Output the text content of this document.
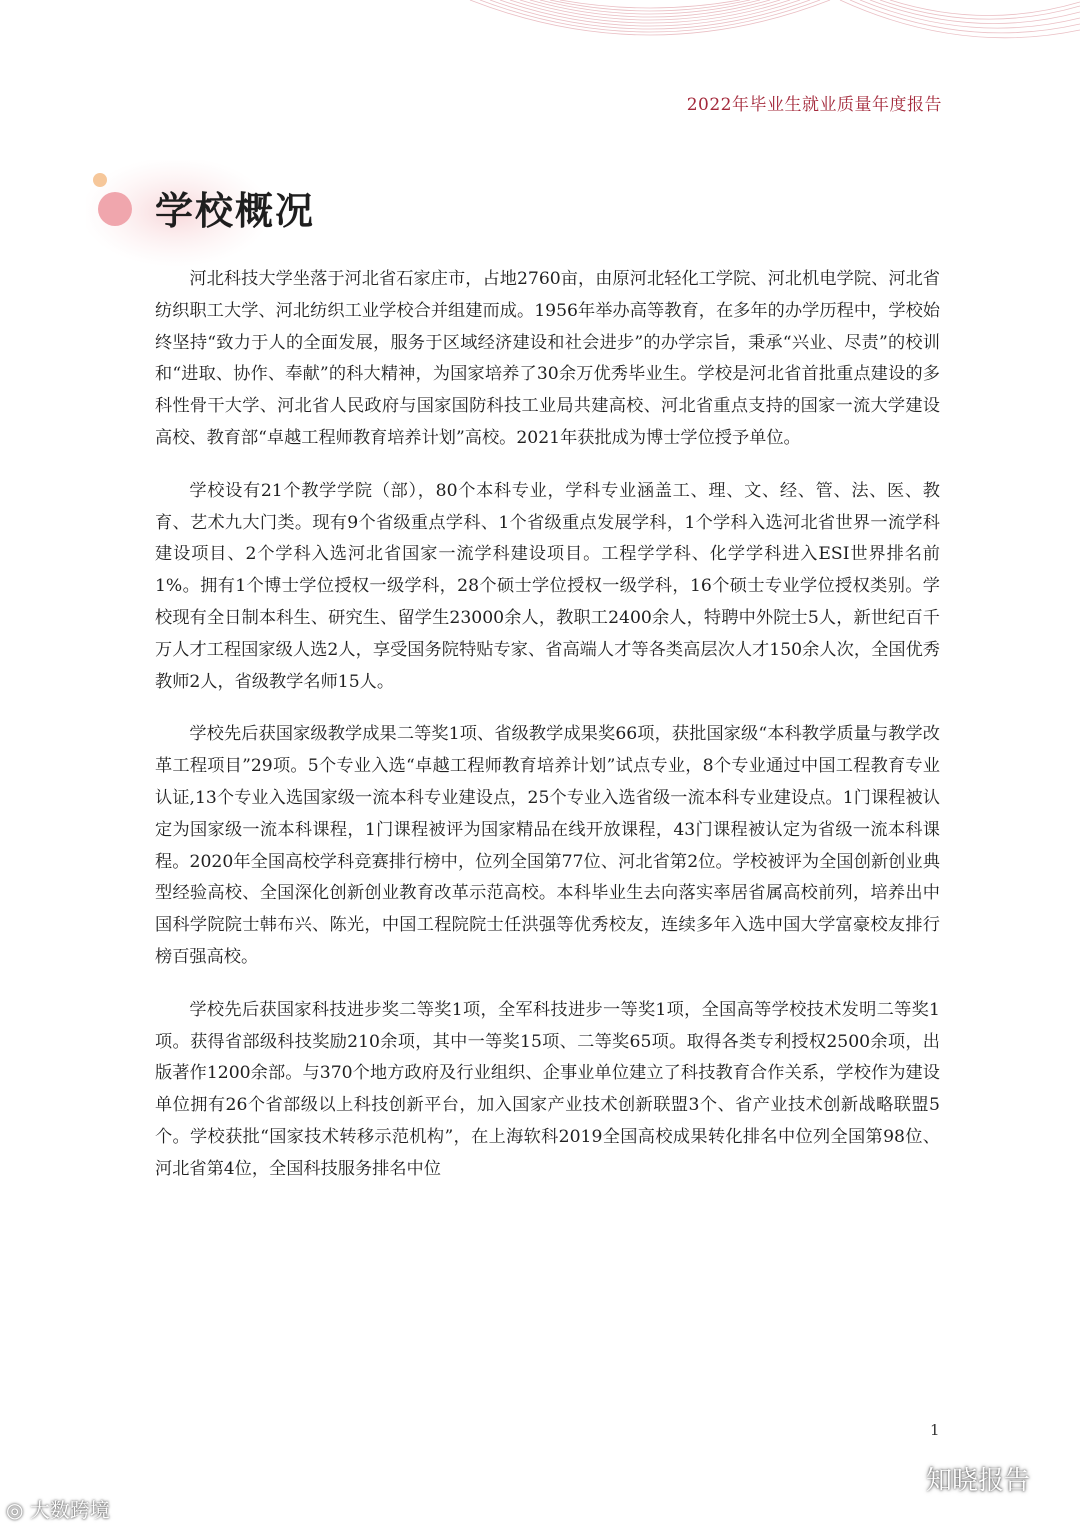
2022年毕业生就业质量年度报告
学校概况

河北科技大学坐落于河北省石家庄市，占地2760亩，由原河北轻化工学院、河北机电学院、河北省纺织职工大学、河北纺织工业学校合并组建而成。1956年举办高等教育，在多年的办学历程中，学校始终坚持“致力于人的全面发展，服务于区域经济建设和社会进步”的办学宗旨，秉承“兴业、尽责”的校训和“进取、协作、奉献”的科大精神，为国家培养了30余万优秀毕业生。学校是河北省首批重点建设的多科性骨干大学、河北省人民政府与国家国防科技工业局共建高校、河北省重点支持的国家一流大学建设高校、教育部“卓越工程师教育培养计划”高校。2021年获批成为博士学位授予单位。

学校设有21个教学学院（部），80个本科专业，学科专业涵盖工、理、文、经、管、法、医、教育、艺术九大门类。现有9个省级重点学科、1个省级重点发展学科，1个学科入选河北省世界一流学科建设项目、2个学科入选河北省国家一流学科建设项目。工程学学科、化学学科进入ESI世界排名前1%。拥有1个博士学位授权一级学科，28个硕士学位授权一级学科，16个硕士专业学位授权类别。学校现有全日制本科生、研究生、留学生23000余人，教职工2400余人，特聘中外院士5人，新世纪百千万人才工程国家级人选2人，享受国务院特贴专家、省高端人才等各类高层次人才150余人次，全国优秀教师2人，省级教学名师15人。

学校先后获国家级教学成果二等奖1项、省级教学成果奖66项，获批国家级“本科教学质量与教学改革工程项目”29项。5个专业入选“卓越工程师教育培养计划”试点专业，8个专业通过中国工程教育专业认证,13个专业入选国家级一流本科专业建设点，25个专业入选省级一流本科专业建设点。1门课程被认定为国家级一流本科课程，1门课程被评为国家精品在线开放课程，43门课程被认定为省级一流本科课程。2020年全国高校学科竞赛排行榜中，位列全国第77位、河北省第2位。学校被评为全国创新创业典型经验高校、全国深化创新创业教育改革示范高校。本科毕业生去向落实率居省属高校前列，培养出中国科学院院士韩布兴、陈光，中国工程院院士任洪强等优秀校友，连续多年入选中国大学富豪校友排行榜百强高校。

学校先后获国家科技进步奖二等奖1项，全军科技进步一等奖1项，全国高等学校技术发明二等奖1项。获得省部级科技奖励210余项，其中一等奖15项、二等奖65项。取得各类专利授权2500余项，出版著作1200余部。与370个地方政府及行业组织、企事业单位建立了科技教育合作关系，学校作为建设单位拥有26个省部级以上科技创新平台，加入国家产业技术创新联盟3个、省产业技术创新战略联盟5个。学校获批“国家技术转移示范机构”，在上海软科2019全国高校成果转化排名中位列全国第98位、河北省第4位，全国科技服务排名中位

1
◎ 大数跨境
知晓报告
